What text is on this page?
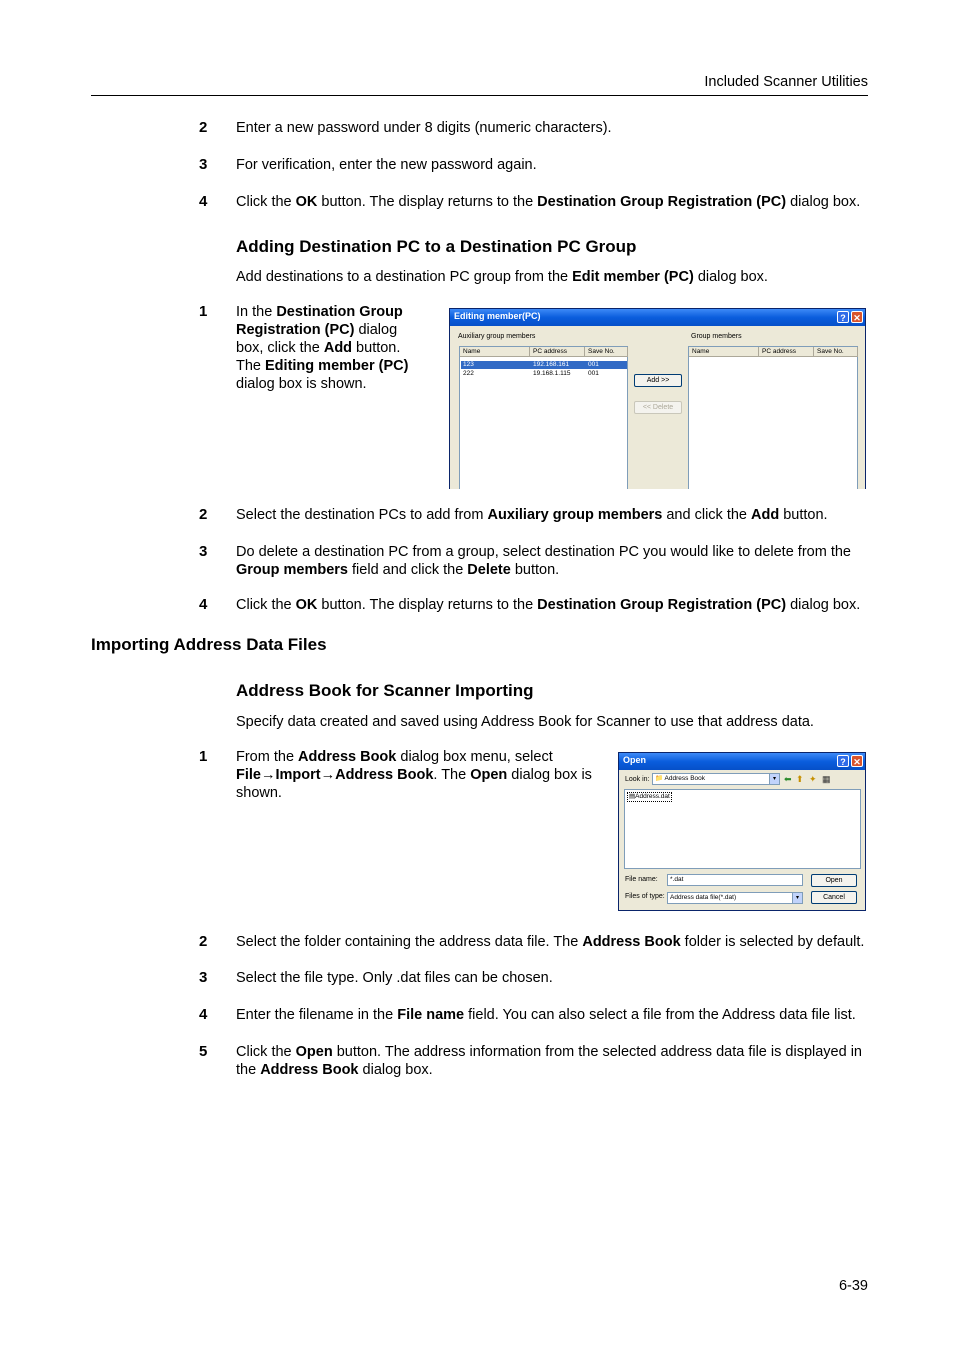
Included Scanner Utilities
2 Enter a new password under 8 digits (numeric characters).
3 For verification, enter the new password again.
4 Click the OK button. The display returns to the Destination Group Registration (PC) dialog box.
Adding Destination PC to a Destination PC Group
Add destinations to a destination PC group from the Edit member (PC) dialog box.
1 In the Destination Group Registration (PC) dialog box, click the Add button. The Editing member (PC) dialog box is shown.
Editing member(PC)	? ✕
Auxiliary group members	Group members
Name	PC address	Save No.
123	192.168.161	001
222	19.168.1.115	001
Add >>
<< Delete
Name	PC address	Save No.
2 Select the destination PCs to add from Auxiliary group members and click the Add button.
3 Do delete a destination PC from a group, select destination PC you would like to delete from the Group members field and click the Delete button.
4 Click the OK button. The display returns to the Destination Group Registration (PC) dialog box.
Importing Address Data Files
Address Book for Scanner Importing
Specify data created and saved using Address Book for Scanner to use that address data.
1 From the Address Book dialog box menu, select
File→Import→Address Book. The Open dialog box is shown.
Open	? ✕
Look in: 📁 Address Book	▾ ⬅ ⬆ ✦ ▦
▤Address.dat
File name:	*.dat	Open
Files of type: Address data file(*.dat)	▾	Cancel
2 Select the folder containing the address data file. The Address Book folder is selected by default.
3 Select the file type. Only .dat files can be chosen.
4 Enter the filename in the File name field. You can also select a file from the Address data file list.
5 Click the Open button. The address information from the selected address data file is displayed in the Address Book dialog box.
6-39
